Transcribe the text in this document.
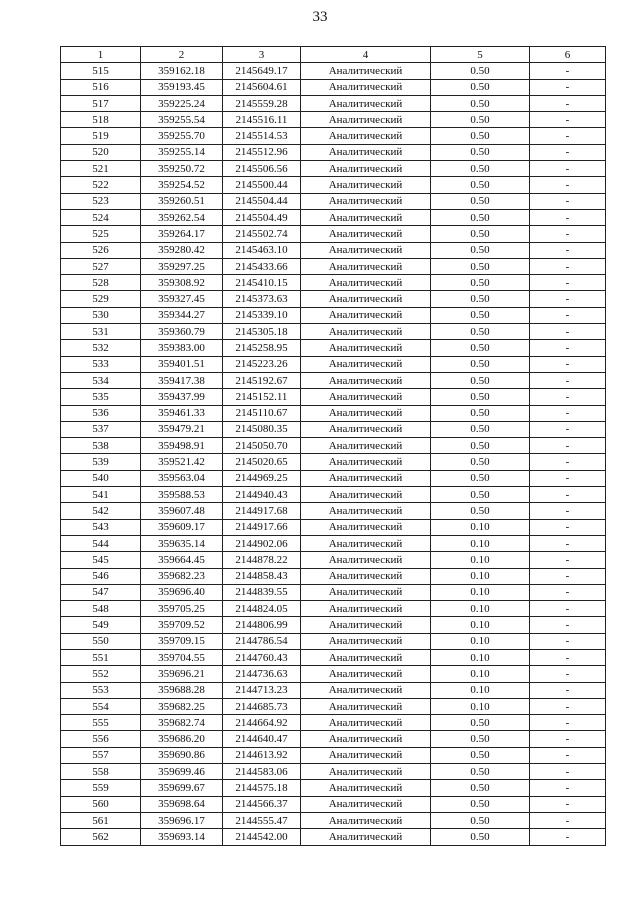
33
1	2	3	4	5	6
515	359162.18	2145649.17	Аналитический	0.50	-
516	359193.45	2145604.61	Аналитический	0.50	-
517	359225.24	2145559.28	Аналитический	0.50	-
518	359255.54	2145516.11	Аналитический	0.50	-
519	359255.70	2145514.53	Аналитический	0.50	-
520	359255.14	2145512.96	Аналитический	0.50	-
521	359250.72	2145506.56	Аналитический	0.50	-
522	359254.52	2145500.44	Аналитический	0.50	-
523	359260.51	2145504.44	Аналитический	0.50	-
524	359262.54	2145504.49	Аналитический	0.50	-
525	359264.17	2145502.74	Аналитический	0.50	-
526	359280.42	2145463.10	Аналитический	0.50	-
527	359297.25	2145433.66	Аналитический	0.50	-
528	359308.92	2145410.15	Аналитический	0.50	-
529	359327.45	2145373.63	Аналитический	0.50	-
530	359344.27	2145339.10	Аналитический	0.50	-
531	359360.79	2145305.18	Аналитический	0.50	-
532	359383.00	2145258.95	Аналитический	0.50	-
533	359401.51	2145223.26	Аналитический	0.50	-
534	359417.38	2145192.67	Аналитический	0.50	-
535	359437.99	2145152.11	Аналитический	0.50	-
536	359461.33	2145110.67	Аналитический	0.50	-
537	359479.21	2145080.35	Аналитический	0.50	-
538	359498.91	2145050.70	Аналитический	0.50	-
539	359521.42	2145020.65	Аналитический	0.50	-
540	359563.04	2144969.25	Аналитический	0.50	-
541	359588.53	2144940.43	Аналитический	0.50	-
542	359607.48	2144917.68	Аналитический	0.50	-
543	359609.17	2144917.66	Аналитический	0.10	-
544	359635.14	2144902.06	Аналитический	0.10	-
545	359664.45	2144878.22	Аналитический	0.10	-
546	359682.23	2144858.43	Аналитический	0.10	-
547	359696.40	2144839.55	Аналитический	0.10	-
548	359705.25	2144824.05	Аналитический	0.10	-
549	359709.52	2144806.99	Аналитический	0.10	-
550	359709.15	2144786.54	Аналитический	0.10	-
551	359704.55	2144760.43	Аналитический	0.10	-
552	359696.21	2144736.63	Аналитический	0.10	-
553	359688.28	2144713.23	Аналитический	0.10	-
554	359682.25	2144685.73	Аналитический	0.10	-
555	359682.74	2144664.92	Аналитический	0.50	-
556	359686.20	2144640.47	Аналитический	0.50	-
557	359690.86	2144613.92	Аналитический	0.50	-
558	359699.46	2144583.06	Аналитический	0.50	-
559	359699.67	2144575.18	Аналитический	0.50	-
560	359698.64	2144566.37	Аналитический	0.50	-
561	359696.17	2144555.47	Аналитический	0.50	-
562	359693.14	2144542.00	Аналитический	0.50	-
